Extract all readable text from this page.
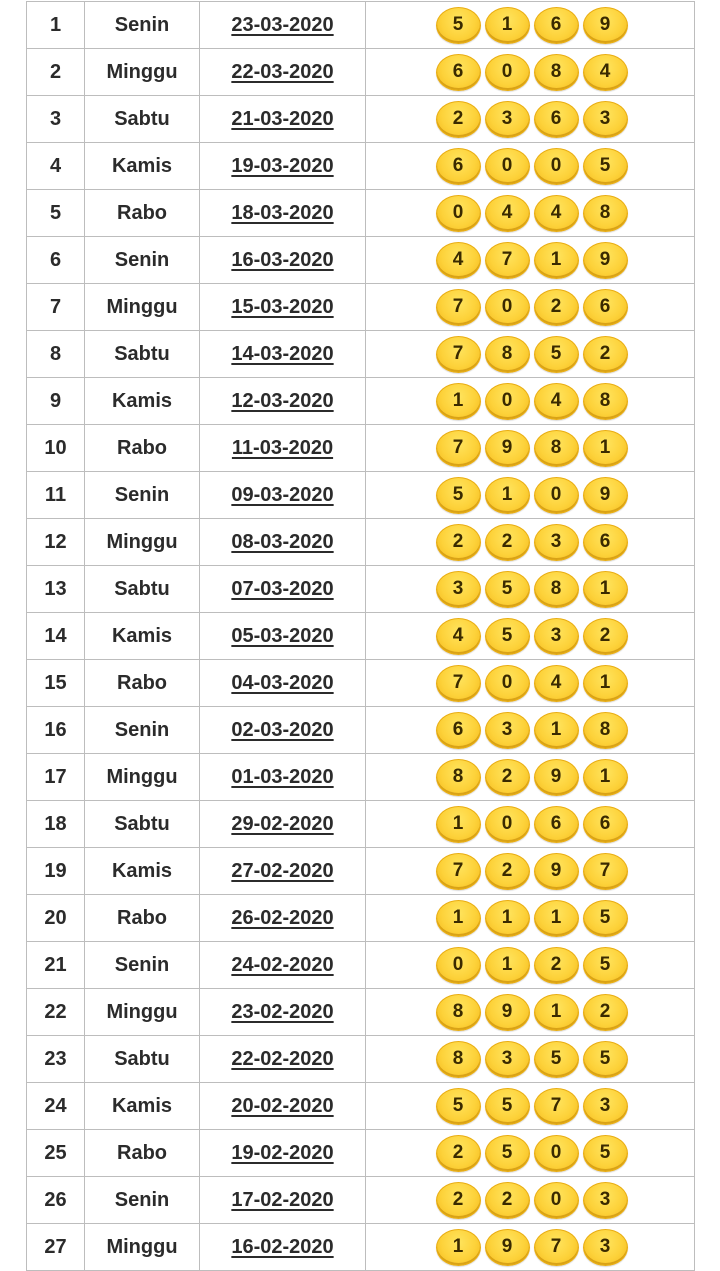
1	Senin	23-03-2020	5 1 6 9

2	Minggu	22-03-2020	6 0 8 4

3	Sabtu	21-03-2020	2 3 6 3

4	Kamis	19-03-2020	6 0 0 5

5	Rabo	18-03-2020	0 4 4 8

6	Senin	16-03-2020	4 7 1 9

7	Minggu	15-03-2020	7 0 2 6

8	Sabtu	14-03-2020	7 8 5 2

9	Kamis	12-03-2020	1 0 4 8

10	Rabo	11-03-2020	7 9 8 1

11	Senin	09-03-2020	5 1 0 9

12	Minggu	08-03-2020	2 2 3 6

13	Sabtu	07-03-2020	3 5 8 1

14	Kamis	05-03-2020	4 5 3 2

15	Rabo	04-03-2020	7 0 4 1

16	Senin	02-03-2020	6 3 1 8

17	Minggu	01-03-2020	8 2 9 1

18	Sabtu	29-02-2020	1 0 6 6

19	Kamis	27-02-2020	7 2 9 7

20	Rabo	26-02-2020	1 1 1 5

21	Senin	24-02-2020	0 1 2 5

22	Minggu	23-02-2020	8 9 1 2

23	Sabtu	22-02-2020	8 3 5 5

24	Kamis	20-02-2020	5 5 7 3

25	Rabo	19-02-2020	2 5 0 5

26	Senin	17-02-2020	2 2 0 3

27	Minggu	16-02-2020	1 9 7 3
